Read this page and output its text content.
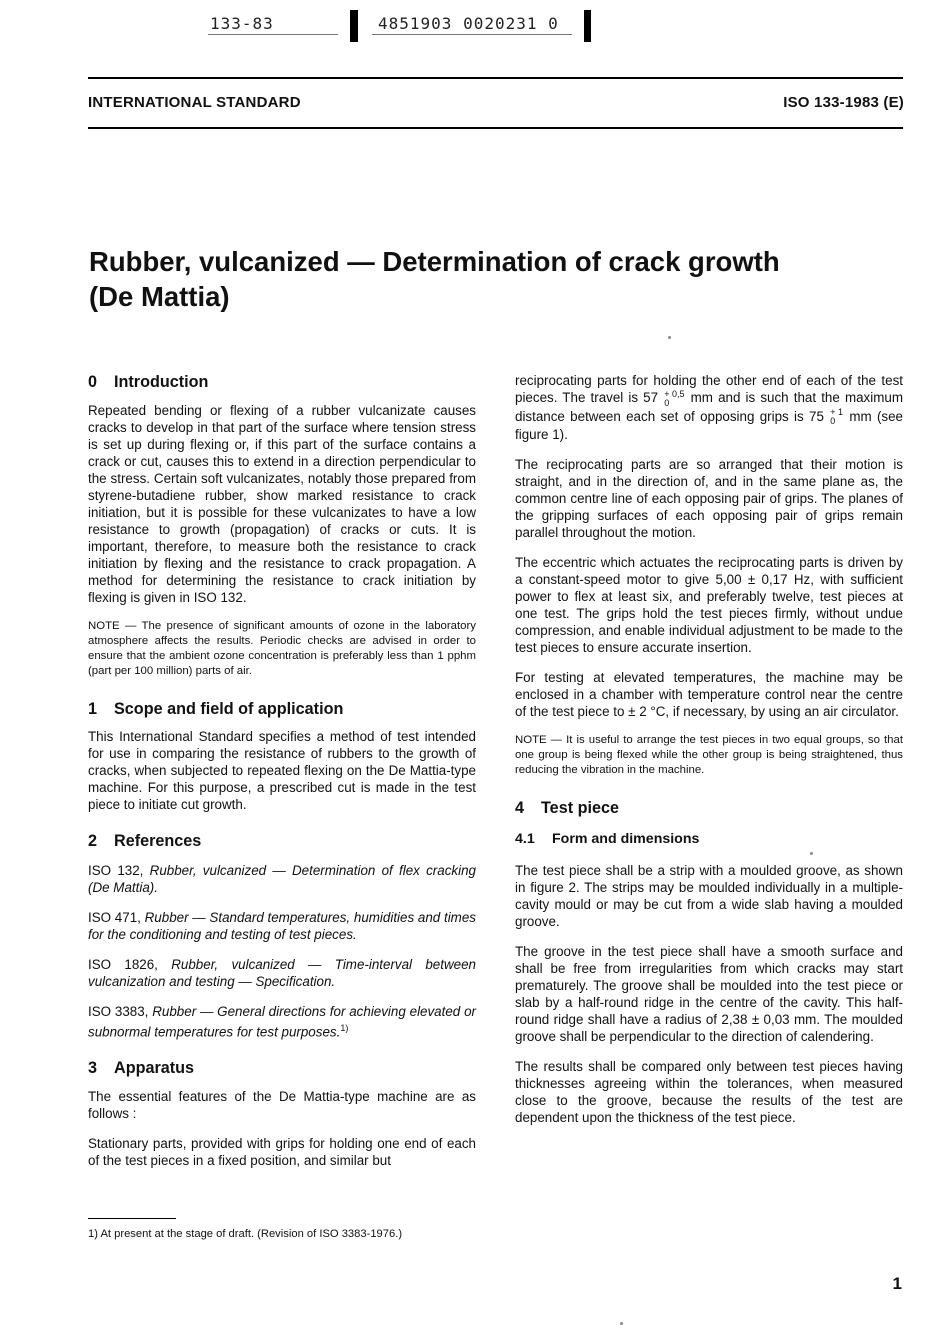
133-83	4851903 0020231 0
INTERNATIONAL STANDARD	ISO 133-1983 (E)
Rubber, vulcanized — Determination of crack growth
(De Mattia)
0 Introduction

Repeated bending or flexing of a rubber vulcanizate causes cracks to develop in that part of the surface where tension stress is set up during flexing or, if this part of the surface contains a crack or cut, causes this to extend in a direction perpendicular to the stress. Certain soft vulcanizates, notably those prepared from styrene-butadiene rubber, show marked resistance to crack initiation, but it is possible for these vulcanizates to have a low resistance to growth (propagation) of cracks or cuts. It is important, therefore, to measure both the resistance to crack initiation by flexing and the resistance to crack propagation. A method for determining the resistance to crack initiation by flexing is given in ISO 132.

NOTE — The presence of significant amounts of ozone in the laboratory atmosphere affects the results. Periodic checks are advised in order to ensure that the ambient ozone concentration is preferably less than 1 pphm (part per 100 million) parts of air.

1 Scope and field of application

This International Standard specifies a method of test intended for use in comparing the resistance of rubbers to the growth of cracks, when subjected to repeated flexing on the De Mattia-type machine. For this purpose, a prescribed cut is made in the test piece to initiate cut growth.

2 References

ISO 132, Rubber, vulcanized — Determination of flex cracking (De Mattia).

ISO 471, Rubber — Standard temperatures, humidities and times for the conditioning and testing of test pieces.

ISO 1826, Rubber, vulcanized — Time-interval between vulcanization and testing — Specification.

ISO 3383, Rubber — General directions for achieving elevated or subnormal temperatures for test purposes.$^{1)}$

3 Apparatus

The essential features of the De Mattia-type machine are as follows :

Stationary parts, provided with grips for holding one end of each of the test pieces in a fixed position, and similar but

reciprocating parts for holding the other end of each of the test pieces. The travel is 57 + 0,5
0	mm and is such that the maximum distance between each set of opposing grips is 75 + 1
0	mm (see figure 1).

The reciprocating parts are so arranged that their motion is straight, and in the direction of, and in the same plane as, the common centre line of each opposing pair of grips. The planes of the gripping surfaces of each opposing pair of grips remain parallel throughout the motion.

The eccentric which actuates the reciprocating parts is driven by a constant-speed motor to give 5,00 ± 0,17 Hz, with sufficient power to flex at least six, and preferably twelve, test pieces at one test. The grips hold the test pieces firmly, without undue compression, and enable individual adjustment to be made to the test pieces to ensure accurate insertion.

For testing at elevated temperatures, the machine may be enclosed in a chamber with temperature control near the centre of the test piece to ± 2 °C, if necessary, by using an air circulator.

NOTE — It is useful to arrange the test pieces in two equal groups, so that one group is being flexed while the other group is being straightened, thus reducing the vibration in the machine.

4 Test piece
4.1 Form and dimensions

The test piece shall be a strip with a moulded groove, as shown in figure 2. The strips may be moulded individually in a multiple-cavity mould or may be cut from a wide slab having a moulded groove.

The groove in the test piece shall have a smooth surface and shall be free from irregularities from which cracks may start prematurely. The groove shall be moulded into the test piece or slab by a half-round ridge in the centre of the cavity. This half-round ridge shall have a radius of 2,38 ± 0,03 mm. The moulded groove shall be perpendicular to the direction of calendering.

The results shall be compared only between test pieces having thicknesses agreeing within the tolerances, when measured close to the groove, because the results of the test are dependent upon the thickness of the test piece.

1) At present at the stage of draft. (Revision of ISO 3383-1976.)
1
